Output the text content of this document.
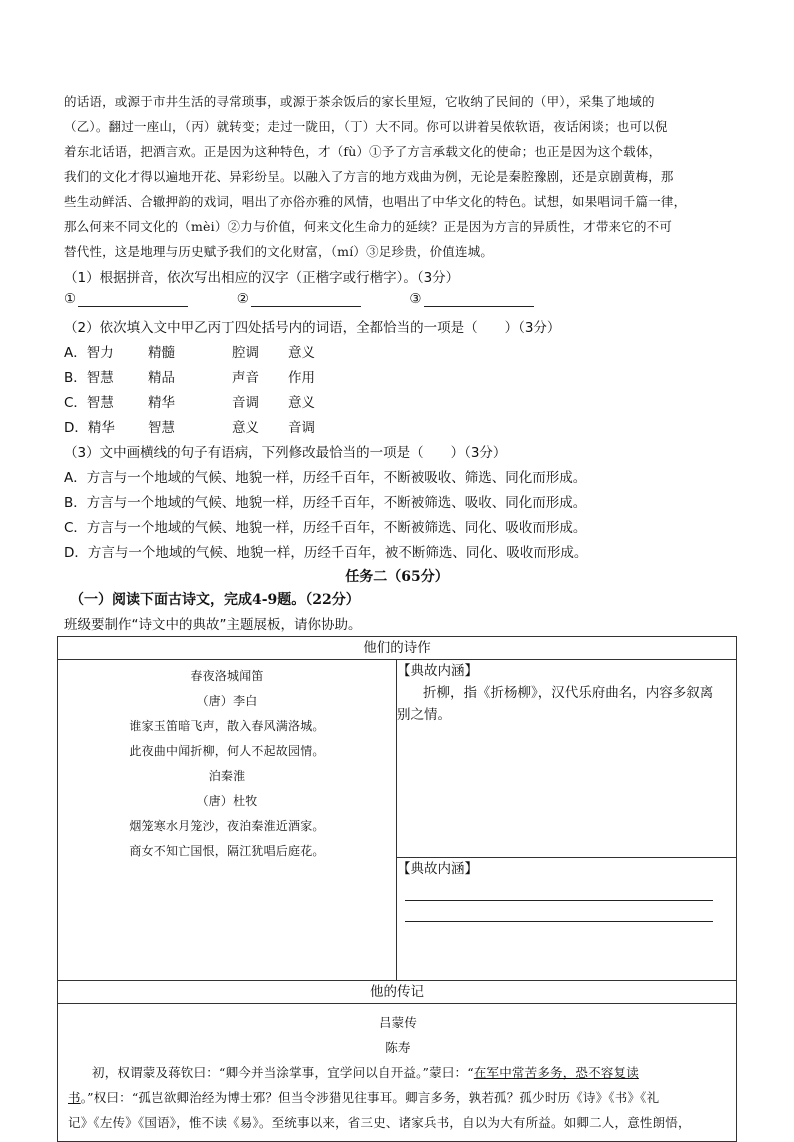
的话语，或源于市井生活的寻常琐事，或源于茶余饭后的家长里短，它收纳了民间的（甲），采集了地域的
（乙）。翻过一座山，（丙）就转变；走过一陇田，（丁）大不同。你可以讲着吴侬软语，夜话闲谈；也可以倪
着东北话语，把酒言欢。正是因为这种特色，才（fù）①予了方言承载文化的使命；也正是因为这个载体，
我们的文化才得以遍地开花、异彩纷呈。以融入了方言的地方戏曲为例，无论是秦腔豫剧，还是京剧黄梅，那
些生动鲜活、合辙押韵的戏词，唱出了亦俗亦雅的风情，也唱出了中华文化的特色。试想，如果唱词千篇一律，
那么何来不同文化的（mèi）②力与价值，何来文化生命力的延续？正是因为方言的异质性，才带来它的不可
替代性，这是地理与历史赋予我们的文化财富，（mí）③足珍贵，价值连城。
（1）根据拼音，依次写出相应的汉字（正楷字或行楷字）。（3分）
①	②	③
（2）依次填入文中甲乙丙丁四处括号内的词语，全都恰当的一项是（　　）（3分）
A．智力	精髓	腔调 意义
B．智慧	精品	声音 作用
C．智慧	精华	音调 意义
D．精华 智慧	意义 音调
（3）文中画横线的句子有语病，下列修改最恰当的一项是（　　）（3分）
A．方言与一个地域的气候、地貌一样，历经千百年，不断被吸收、筛选、同化而形成。
B．方言与一个地域的气候、地貌一样，历经千百年，不断被筛选、吸收、同化而形成。
C．方言与一个地域的气候、地貌一样，历经千百年，不断被筛选、同化、吸收而形成。
D．方言与一个地域的气候、地貌一样，历经千百年，被不断筛选、同化、吸收而形成。
任务二（65分）
（一）阅读下面古诗文，完成4-9题。（22分）
班级要制作“诗文中的典故”主题展板，请你协助。
他们的诗作

春夜洛城闻笛
（唐）李白
谁家玉笛暗飞声，散入春风满洛城。
此夜曲中闻折柳，何人不起故园情。
泊秦淮
（唐）杜牧
烟笼寒水月笼沙，夜泊秦淮近酒家。
商女不知亡国恨，隔江犹唱后庭花。

【典故内涵】
折柳，指《折杨柳》，汉代乐府曲名，内容多叙离
别之情。

【典故内涵】

他的传记

吕蒙传
陈寿
初，权谓蒙及蒋钦曰：“卿今并当涂掌事，宜学问以自开益。”蒙曰：“在军中常苦多务，恐不容复读
书。”权曰：“孤岂欲卿治经为博士邪？但当令涉猎见往事耳。卿言多务，孰若孤？孤少时历《诗》《书》《礼
记》《左传》《国语》，惟不读《易》。至统事以来，省三史、诸家兵书，自以为大有所益。如卿二人，意性朗悟，
